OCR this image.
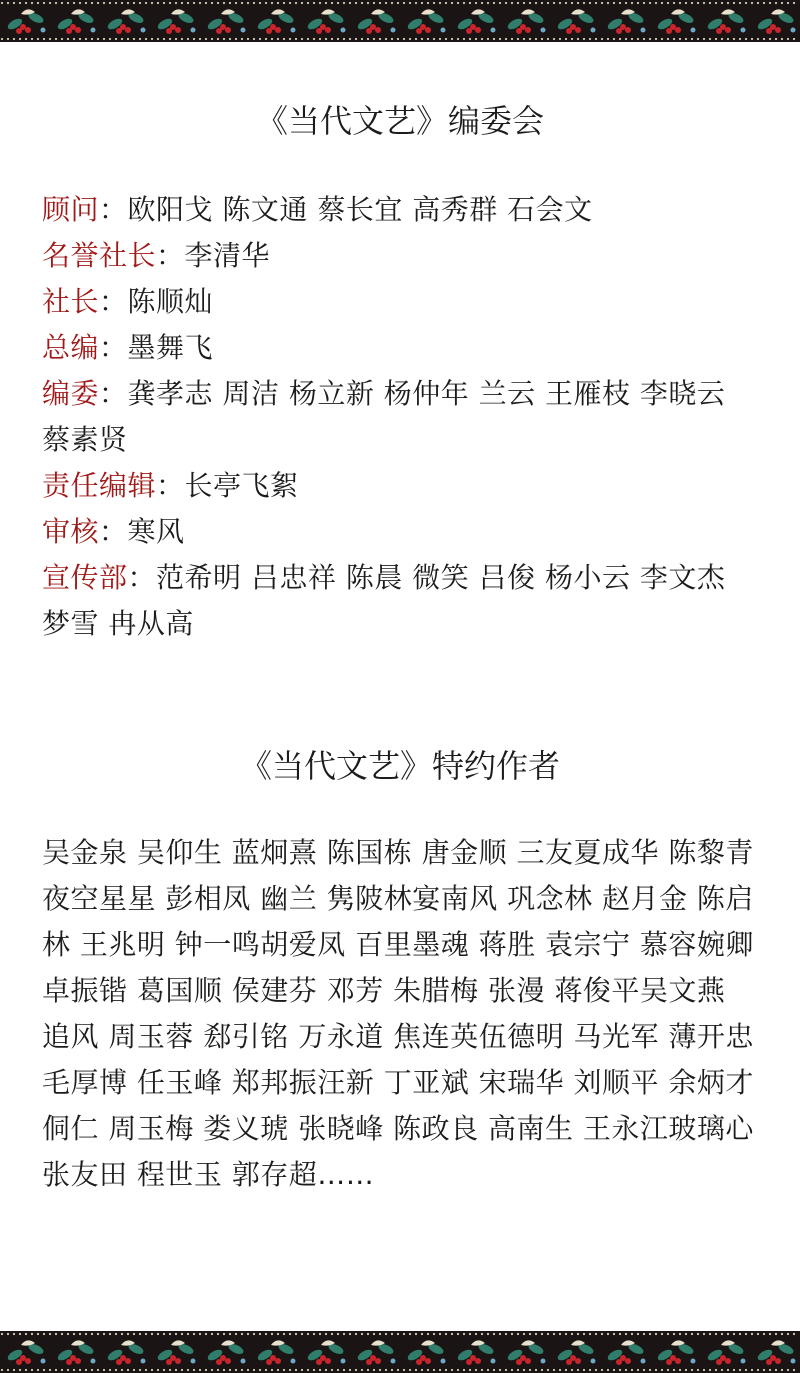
《当代文艺》编委会

顾问：欧阳戈 陈文通 蔡长宜 高秀群 石会文

名誉社长：李清华

社长：陈顺灿

总编：墨舞飞

编委：龚孝志 周洁 杨立新 杨仲年 兰云 王雁枝 李晓云 蔡素贤

责任编辑：长亭飞絮

审核：寒风

宣传部：范希明 吕忠祥 陈晨 微笑 吕俊 杨小云 李文杰 梦雪 冉从高

《当代文艺》特约作者
吴金泉 吴仰生 蓝炯熹 陈国栋 唐金顺 三友夏成华 陈黎青 夜空星星 彭相凤 幽兰 隽陂林宴南风 巩念林 赵月金 陈启林 王兆明 钟一鸣胡爱凤 百里墨魂 蒋胜 袁宗宁 慕容婉卿 卓振锴 葛国顺 侯建芬 邓芳 朱腊梅 张漫 蒋俊平吴文燕 追风 周玉蓉 郄引铭 万永道 焦连英伍德明 马光军 薄开忠 毛厚博 任玉峰 郑邦振汪新 丁亚斌 宋瑞华 刘顺平 余炳才 侗仁 周玉梅 娄义琥 张晓峰 陈政良 高南生 王永江玻璃心 张友田 程世玉 郭存超……
